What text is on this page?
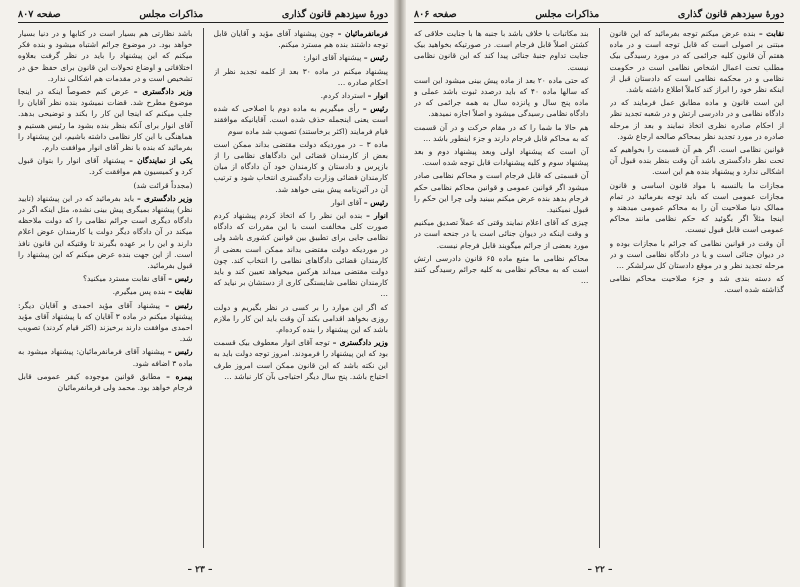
دورهٔ سیزدهم قانون گذاری
مذاکرات مجلس
صفحه ۸۰۷

فرمانفرمائیان – چون پیشنهاد آقای مؤید و آقایان قابل توجه داشتند بنده هم مسترد میکنم.

رئیس – پیشنهاد آقای انوار:

پیشنهاد میکنم در ماده ۳۰ بعد از کلمه تجدید نظر از احکام صادره …

انوار – استرداد کردم.

رئیس – رأی میگیریم به ماده دوم با اصلاحی که شده است یعنی اینجمله حذف شده است. آقایانیکه موافقند قیام فرمایند (اکثر برخاستند) تصویب شد ماده سوم

ماده ۳ – در موردیکه دولت مقتضی بداند ممکن است بعض از کارمندان قضائی این دادگاهای نظامی را از بازپرس و دادستان و کارمندان خود آن دادگاه از میان کارمندان قضائی وزارت دادگستری انتخاب شود و ترتیب آن در آئین‌نامه پیش بینی خواهد شد.

رئیس – آقای انوار

انوار – بنده این نظر را که اتخاذ کردم پیشنهاد کردم صورت کلی مخالفت است با این مقررات که دادگاه نظامی جایی برای تطبیق بین قوانین کشوری باشد ولی در موردیکه دولت مقتضی بداند ممکن است بعضی از کارمندان قضائی دادگاهای نظامی را انتخاب کند. چون دولت مقتضی میداند هرکس میخواهد تعیین کند و باید کارمندان نظامی شایستگی کاری از دستشان بر نیاید که …

که اگر این موارد را بر کسی در نظر بگیریم و دولت روزی بخواهد اقدامی بکند آن وقت باید این کار را ملازم باشد که این پیشنهاد را بنده کرده‌ام.

وزیر دادگستری – توجه آقای انوار معطوف بیک قسمت بود که این پیشنهاد را فرمودند. امروز توجه دولت باید به این نکته باشد که این قانون ممکن است امروز طرف احتیاج باشد. پنج سال دیگر احتیاجی بآن کار نباشد …

باشد نظارتی هم بسیار است در کتابها و در دنیا بسیار خواهد بود. در موضوع جرائم اشتباه میشود و بنده فکر میکنم که این پیشنهاد را باید در نظر گرفت بعلاوه اختلافاتی و اوضاع تحولات این قانون برای حفظ حق در تشخیص است و در مقدمات هم اشکالی ندارد.

وزیر دادگستری – عرض کنم خصوصاً اینکه در اینجا موضوع مطرح شد. قضات نمیشود بنده نظر آقایان را جلب میکنم که اینجا این کار را بکند و توضیحی بدهد. آقای انوار برای آنکه بنظر بنده بشود ما رئیس هستیم و هماهنگی با این کار نظامی داشته باشیم، این پیشنهاد را بفرمائید که بنده با نظر آقای انوار موافقت دارم.

یکی از نمایندگان – پیشنهاد آقای انوار را بتوان قبول کرد و کمیسیون هم موافقت کرد.

(مجدداً قرائت شد)

وزیر دادگستری – باید بفرمائید که در این پیشنهاد (تایید نظر) پیشنهاد بمیگری پیش بینی نشده، مثل اینکه اگر در دادگاه دیگری است جرائم نظامی را که دولت ملاحظه میکند در آن دادگاه دیگر دولت یا کارمندان عوض اعلام دارند و این را بر عهده بگیرند تا وقتیکه این قانون نافذ است. از این جهت بنده عرض میکنم که این پیشنهاد را قبول بفرمائید.

رئیس – آقای نقابت مسترد میکنید؟

نقابت – بنده پس میگیرم.

رئیس – پیشنهاد آقای مؤید احمدی و آقایان دیگر: پیشنهاد میکنم در ماده ۳ آقایان که با پیشنهاد آقای مؤید احمدی موافقت دارند برخیزند (اکثر قیام کردند) تصویب شد.

رئیس – پیشنهاد آقای فرمانفرمائیان: پیشنهاد میشود به ماده ۳ اضافه شود.

بیمره – مطابق قوانین موجوده کیفر عمومی قابل فرجام خواهد بود. محمد ولی فرمانفرمائیان

– ۲۳ –
دورهٔ سیزدهم قانون گذاری
مذاکرات مجلس
صفحه ۸۰۶

نقابت – بنده عرض میکنم توجه بفرمائید که این قانون مبتنی بر اصولی است که قابل توجه است و در ماده هفتم آن قانون کلیه جرائمی که در مورد رسیدگی بیک مطلب تحت اعمال اشخاص نظامی است در حکومت نظامی و در محکمه نظامی است که دادستان قبل از اینکه نظر خود را ابراز کند کاملاً اطلاع داشته باشد.

این است قانون و ماده مطابق عمل فرمایند که در دادگاه نظامی و در دادرسی ارتش و در شعبه تجدید نظر از احکام صادره نظری اتخاذ نمایند و بعد از مرحله صادره در مورد تجدید نظر بمحاکم صالحه ارجاع شود.

قوانین نظامی است. اگر هم آن قسمت را بخواهیم که تحت نظر دادگستری باشد آن وقت بنظر بنده قبول آن اشکالی ندارد و پیشنهاد بنده هم این است.

مجازات ما بالنسبه با مواد قانون اساسی و قانون مجازات عمومی است که باید توجه بفرمائید در تمام ممالک دنیا صلاحیت آن را به محاکم عمومی میدهند و اینجا مثلاً اگر بگوئید که حکم نظامی مانند محاکم عمومی است قابل قبول نیست.

آن وقت در قوانین نظامی که جرائم با مجازات بوده و در دیوان جنائی است و یا در دادگاه نظامی است و در مرحله تجدید نظر و در موقع دادستان کل سرلشکر …

که دسته بندی شد و جزء صلاحیت محاکم نظامی گذاشته شده است.

بند مکاتبات با خلاف باشد با جنبه ها با جنایت خلاقی که کشتن اصلاً قابل فرجام است. در صورتیکه بخواهید بیک جنایت تداوم جنبهٔ جنائی پیدا کند که این قانون نظامی نیست.

که حتی ماده ۲۰ بعد از ماده پیش بینی میشود این است که سالها ماده ۴۰ که باید درصدد ثبوت باشد عملی و ماده پنج سال و پانزده سال به همه جرائمی که در دادگاه نظامی رسیدگی میشود و اصلاً اجازه نمیدهد.

هم حالا ما شما را که در مقام حرکت و در آن قسمت که به محاکم قابل فرجام دارند و جزء اینطور باشد …

آن است که پیشنهاد اولی وبعد پیشنهاد دوم و بعد پیشنهاد سوم و کلیه پیشنهادات قابل توجه شده است.

آن قسمتی که قابل فرجام است و محاکم نظامی صادر میشود اگر قوانین عمومی و قوانین محاکم نظامی حکم فرجام بدهد بنده عرض میکنم ببینید ولی چرا این حکم را قبول نمیکنید.

چیزی که آقای اعلام نمایند وقتی که عملاً تصدیق میکنیم و وقت اینکه در دیوان جنائی است یا در جنحه است در مورد بعضی از جرائم میگویند قابل فرجام نیست.

محاکم نظامی ما متبع ماده ۶۵ قانون دادرسی ارتش است که به محاکم نظامی به کلیه جرائم رسیدگی کنند …

– ۲۲ –
